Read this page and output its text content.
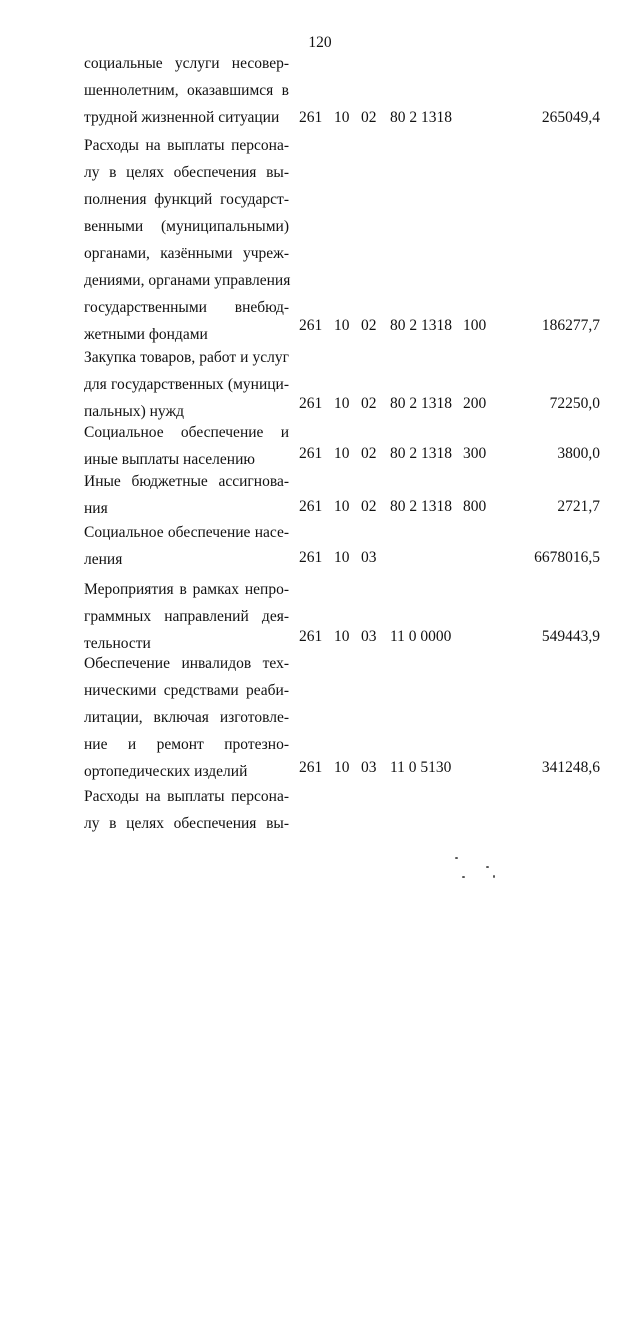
120
социальные услуги несовер-
шеннолетним, оказавшимся в
трудной жизненной ситуации	261 10 02 80 2 1318	265049,4
Расходы на выплаты персона-
лу в целях обеспечения вы-
полнения функций государст-
венными (муниципальными)
органами, казёнными учреж-
дениями, органами управления
государственными внебюд-
жетными фондами
261 10 02 80 2 1318 100	186277,7
Закупка товаров, работ и услуг
для государственных (муници-
пальных) нужд	261 10 02 80 2 1318 200	72250,0
Социальное обеспечение и
иные выплаты населению	261 10 02 80 2 1318 300	3800,0
Иные бюджетные ассигнова-
ния	261 10 02 80 2 1318 800	2721,7
Социальное обеспечение насе-
ления	261 10 03	6678016,5
Мероприятия в рамках непро-
граммных направлений дея-
тельности	261 10 03 11 0 0000	549443,9
Обеспечение инвалидов тех-
ническими средствами реаби-
литации, включая изготовле-
ние и ремонт протезно-
ортопедических изделий	261 10 03 11 0 5130	341248,6
Расходы на выплаты персона-
лу в целях обеспечения вы-
